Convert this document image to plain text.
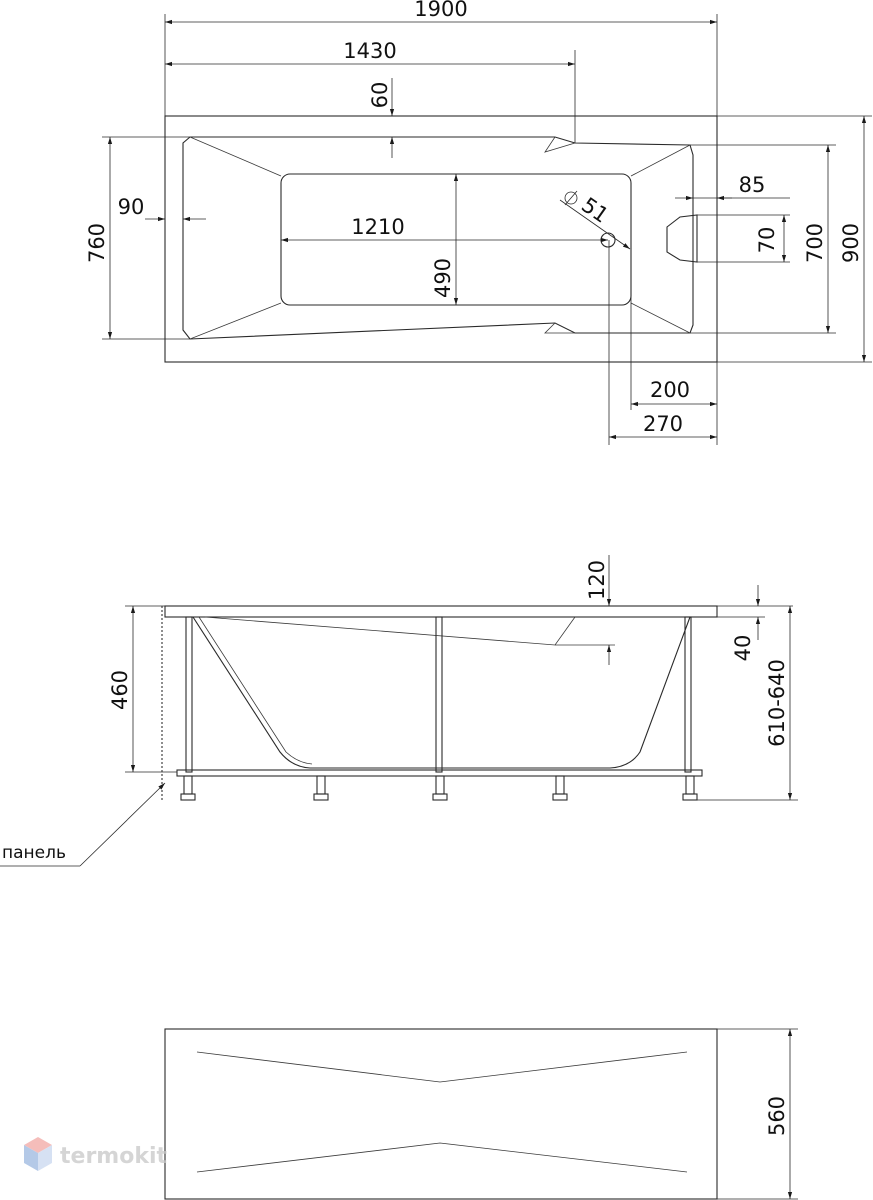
1900
1430
60
90
760	1210
490
51
85
70 700 900
200
270
120
40
460	610-640
панель
560
termokit
